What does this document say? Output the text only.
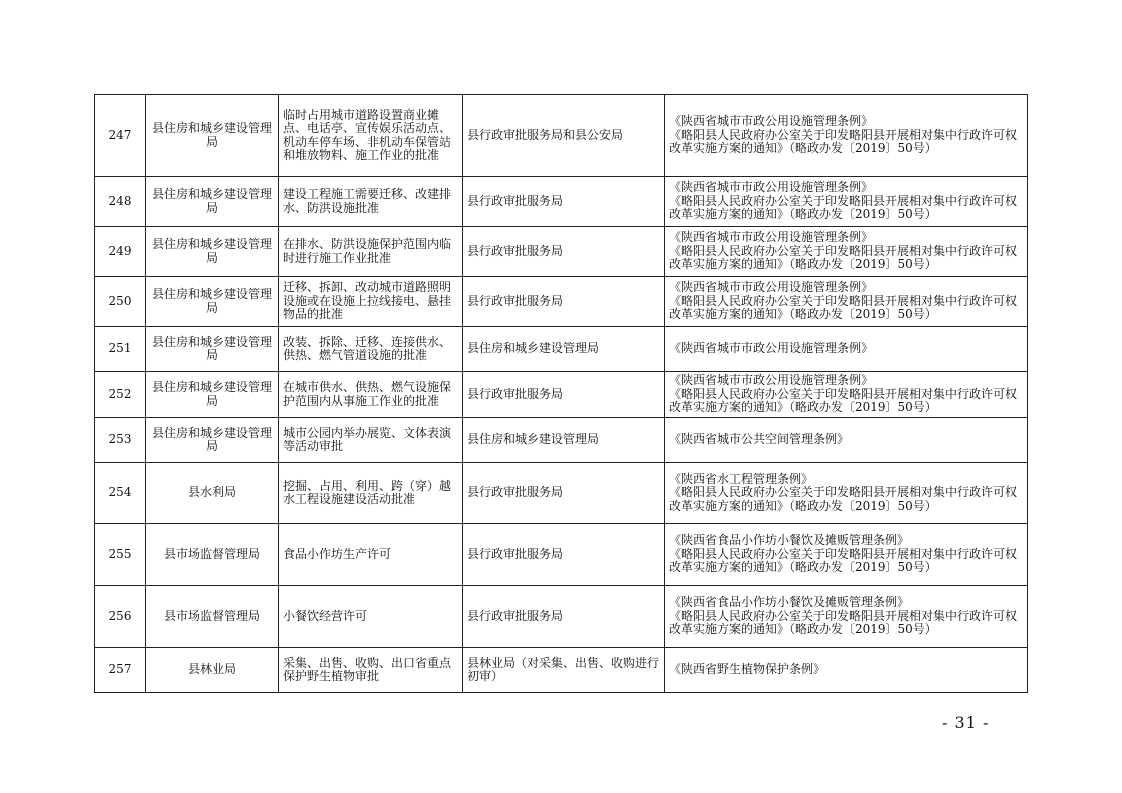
247	县住房和城乡建设管理局	临时占用城市道路设置商业摊点、电话亭、宣传娱乐活动点、机动车停车场、非机动车保管站和堆放物料、施工作业的批准	县行政审批服务局和县公安局	《陕西省城市市政公用设施管理条例》
《略阳县人民政府办公室关于印发略阳县开展相对集中行政许可权改革实施方案的通知》（略政办发〔2019〕50号）

248	县住房和城乡建设管理局	建设工程施工需要迁移、改建排水、防洪设施批准	县行政审批服务局	《陕西省城市市政公用设施管理条例》
《略阳县人民政府办公室关于印发略阳县开展相对集中行政许可权改革实施方案的通知》（略政办发〔2019〕50号）

249	县住房和城乡建设管理局	在排水、防洪设施保护范围内临时进行施工作业批准	县行政审批服务局	《陕西省城市市政公用设施管理条例》
《略阳县人民政府办公室关于印发略阳县开展相对集中行政许可权改革实施方案的通知》（略政办发〔2019〕50号）

250	县住房和城乡建设管理局	迁移、拆卸、改动城市道路照明设施或在设施上拉线接电、悬挂物品的批准	县行政审批服务局	《陕西省城市市政公用设施管理条例》
《略阳县人民政府办公室关于印发略阳县开展相对集中行政许可权改革实施方案的通知》（略政办发〔2019〕50号）

251	县住房和城乡建设管理局	改装、拆除、迁移、连接供水、供热、燃气管道设施的批准	县住房和城乡建设管理局	《陕西省城市市政公用设施管理条例》

252	县住房和城乡建设管理局	在城市供水、供热、燃气设施保护范围内从事施工作业的批准	县行政审批服务局	《陕西省城市市政公用设施管理条例》
《略阳县人民政府办公室关于印发略阳县开展相对集中行政许可权改革实施方案的通知》（略政办发〔2019〕50号）

253	县住房和城乡建设管理局	城市公园内举办展览、文体表演等活动审批	县住房和城乡建设管理局	《陕西省城市公共空间管理条例》

254	县水利局	挖掘、占用、利用、跨（穿）越水工程设施建设活动批准	县行政审批服务局	《陕西省水工程管理条例》
《略阳县人民政府办公室关于印发略阳县开展相对集中行政许可权改革实施方案的通知》（略政办发〔2019〕50号）

255	县市场监督管理局	食品小作坊生产许可	县行政审批服务局	《陕西省食品小作坊小餐饮及摊贩管理条例》
《略阳县人民政府办公室关于印发略阳县开展相对集中行政许可权改革实施方案的通知》（略政办发〔2019〕50号）

256	县市场监督管理局	小餐饮经营许可	县行政审批服务局	《陕西省食品小作坊小餐饮及摊贩管理条例》
《略阳县人民政府办公室关于印发略阳县开展相对集中行政许可权改革实施方案的通知》（略政办发〔2019〕50号）

257	县林业局	采集、出售、收购、出口省重点保护野生植物审批	县林业局（对采集、出售、收购进行初审）	《陕西省野生植物保护条例》
- 31 -
